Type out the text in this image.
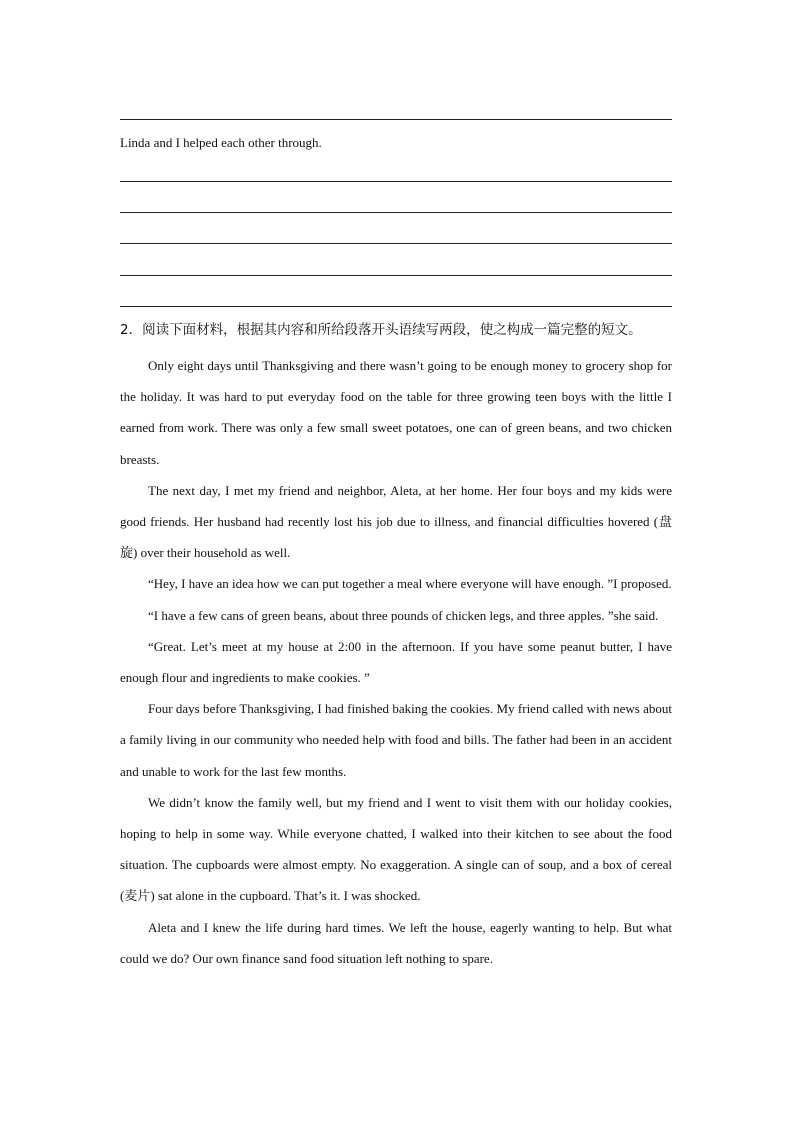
Linda and I helped each other through.
2．阅读下面材料，根据其内容和所给段落开头语续写两段，使之构成一篇完整的短文。

Only eight days until Thanksgiving and there wasn’t going to be enough money to grocery shop for the holiday. It was hard to put everyday food on the table for three growing teen boys with the little I earned from work. There was only a few small sweet potatoes, one can of green beans, and two chicken breasts.

The next day, I met my friend and neighbor, Aleta, at her home. Her four boys and my kids were good friends. Her husband had recently lost his job due to illness, and financial difficulties hovered (盘旋) over their household as well.

“Hey, I have an idea how we can put together a meal where everyone will have enough. ”I proposed.

“I have a few cans of green beans, about three pounds of chicken legs, and three apples. ”she said.

“Great. Let’s meet at my house at 2:00 in the afternoon. If you have some peanut butter, I have enough flour and ingredients to make cookies. ”

Four days before Thanksgiving, I had finished baking the cookies. My friend called with news about a family living in our community who needed help with food and bills. The father had been in an accident and unable to work for the last few months.

We didn’t know the family well, but my friend and I went to visit them with our holiday cookies, hoping to help in some way. While everyone chatted, I walked into their kitchen to see about the food situation. The cupboards were almost empty. No exaggeration. A single can of soup, and a box of cereal (麦片) sat alone in the cupboard. That’s it. I was shocked.

Aleta and I knew the life during hard times. We left the house, eagerly wanting to help. But what could we do? Our own finance sand food situation left nothing to spare.
